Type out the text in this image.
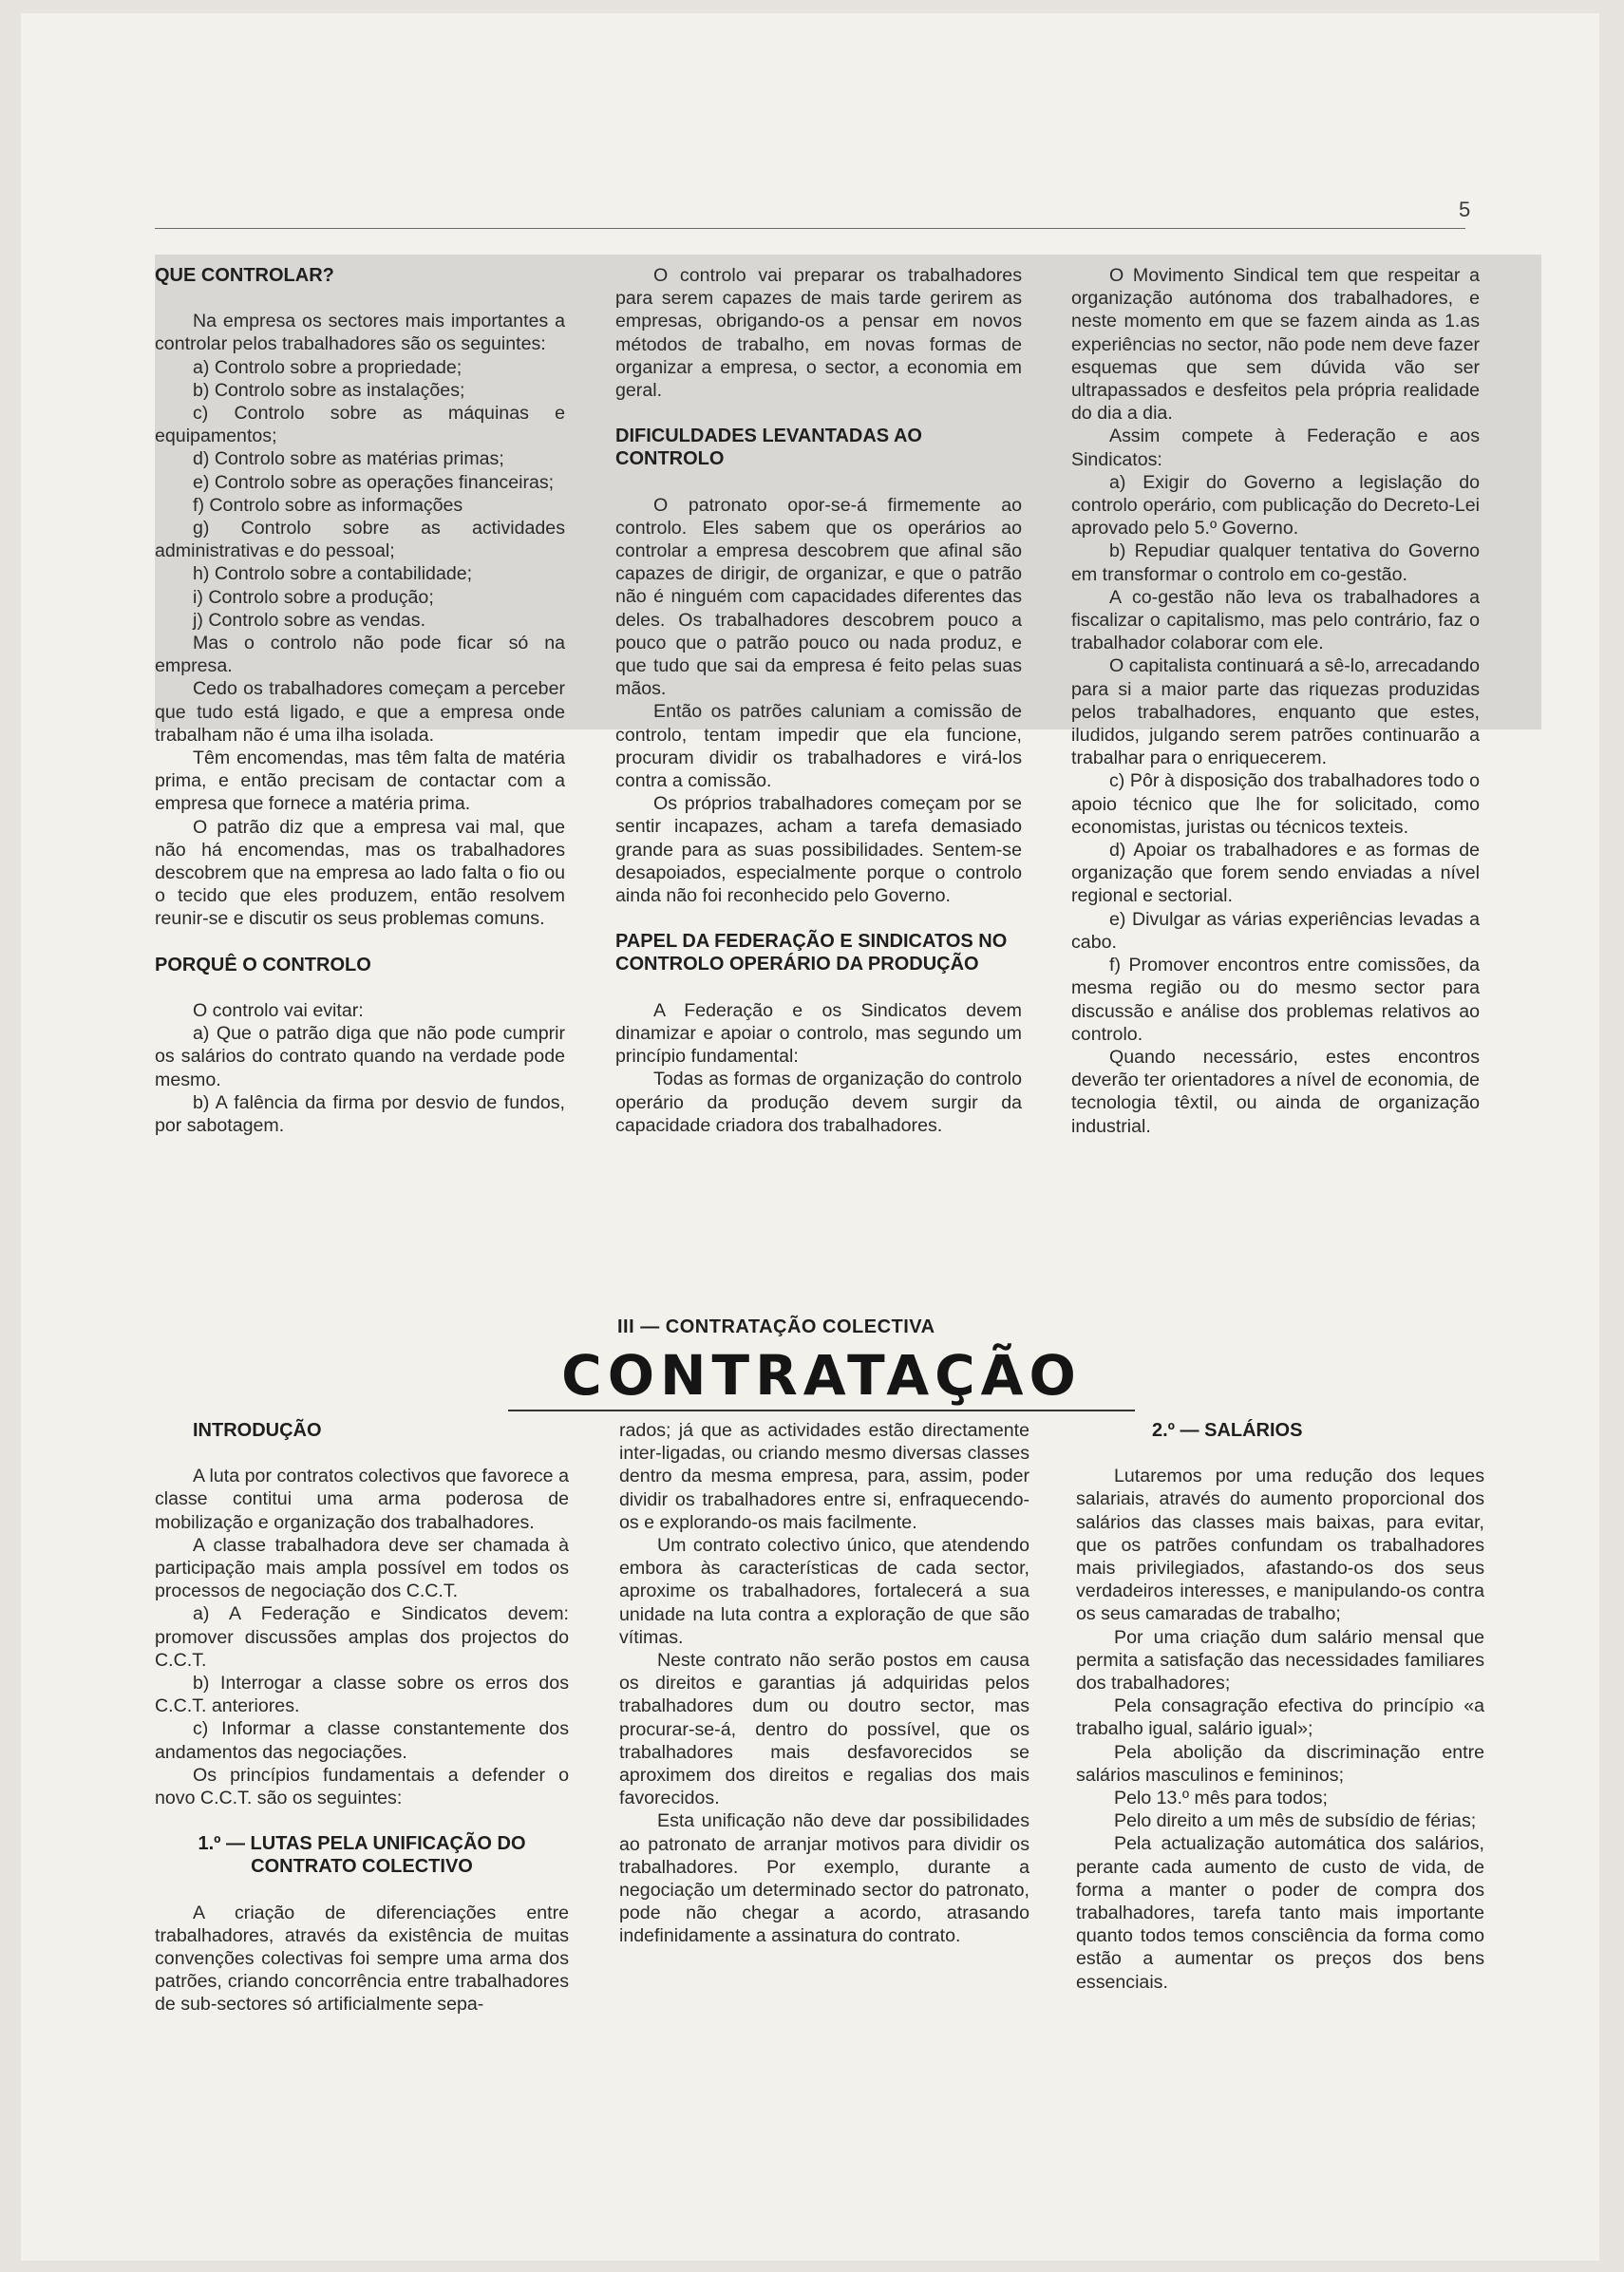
5
QUE CONTROLAR?

Na empresa os sectores mais importantes a controlar pelos trabalhadores são os seguintes:

a) Controlo sobre a propriedade;

b) Controlo sobre as instalações;

c) Controlo sobre as máquinas e equipamentos;

d) Controlo sobre as matérias primas;

e) Controlo sobre as operações financeiras;

f) Controlo sobre as informações

g) Controlo sobre as actividades administrativas e do pessoal;

h) Controlo sobre a contabilidade;

i) Controlo sobre a produção;

j) Controlo sobre as vendas.

Mas o controlo não pode ficar só na empresa.

Cedo os trabalhadores começam a perceber que tudo está ligado, e que a empresa onde trabalham não é uma ilha isolada.

Têm encomendas, mas têm falta de matéria prima, e então precisam de contactar com a empresa que fornece a matéria prima.

O patrão diz que a empresa vai mal, que não há encomendas, mas os trabalhadores descobrem que na empresa ao lado falta o fio ou o tecido que eles produzem, então resolvem reunir-se e discutir os seus problemas comuns.

PORQUÊ O CONTROLO

O controlo vai evitar:

a) Que o patrão diga que não pode cumprir os salários do contrato quando na verdade pode mesmo.

b) A falência da firma por desvio de fundos, por sabotagem.

O controlo vai preparar os trabalhadores para serem capazes de mais tarde gerirem as empresas, obrigando-os a pensar em novos métodos de trabalho, em novas formas de organizar a empresa, o sector, a economia em geral.

DIFICULDADES LEVANTADAS AO CONTROLO

O patronato opor-se-á firmemente ao controlo. Eles sabem que os operários ao controlar a empresa descobrem que afinal são capazes de dirigir, de organizar, e que o patrão não é ninguém com capacidades diferentes das deles. Os trabalhadores descobrem pouco a pouco que o patrão pouco ou nada produz, e que tudo que sai da empresa é feito pelas suas mãos.

Então os patrões caluniam a comissão de controlo, tentam impedir que ela funcione, procuram dividir os trabalhadores e virá-los contra a comissão.

Os próprios trabalhadores começam por se sentir incapazes, acham a tarefa demasiado grande para as suas possibilidades. Sentem-se desapoiados, especialmente porque o controlo ainda não foi reconhecido pelo Governo.

PAPEL DA FEDERAÇÃO E SINDICATOS NO CONTROLO OPERÁRIO DA PRODUÇÃO

A Federação e os Sindicatos devem dinamizar e apoiar o controlo, mas segundo um princípio fundamental:

Todas as formas de organização do controlo operário da produção devem surgir da capacidade criadora dos trabalhadores.

O Movimento Sindical tem que respeitar a organização autónoma dos trabalhadores, e neste momento em que se fazem ainda as 1.as experiências no sector, não pode nem deve fazer esquemas que sem dúvida vão ser ultrapassados e desfeitos pela própria realidade do dia a dia.

Assim compete à Federação e aos Sindicatos:

a) Exigir do Governo a legislação do controlo operário, com publicação do Decreto-Lei aprovado pelo 5.º Governo.

b) Repudiar qualquer tentativa do Governo em transformar o controlo em co-gestão.

A co-gestão não leva os trabalhadores a fiscalizar o capitalismo, mas pelo contrário, faz o trabalhador colaborar com ele.

O capitalista continuará a sê-lo, arrecadando para si a maior parte das riquezas produzidas pelos trabalhadores, enquanto que estes, iludidos, julgando serem patrões continuarão a trabalhar para o enriquecerem.

c) Pôr à disposição dos trabalhadores todo o apoio técnico que lhe for solicitado, como economistas, juristas ou técnicos texteis.

d) Apoiar os trabalhadores e as formas de organização que forem sendo enviadas a nível regional e sectorial.

e) Divulgar as várias experiências levadas a cabo.

f) Promover encontros entre comissões, da mesma região ou do mesmo sector para discussão e análise dos problemas relativos ao controlo.

Quando necessário, estes encontros deverão ter orientadores a nível de economia, de tecnologia têxtil, ou ainda de organização industrial.

III — CONTRATAÇÃO COLECTIVA
CONTRATAÇÃO
INTRODUÇÃO

A luta por contratos colectivos que favorece a classe contitui uma arma poderosa de mobilização e organização dos trabalhadores.

A classe trabalhadora deve ser chamada à participação mais ampla possível em todos os processos de negociação dos C.C.T.

a) A Federação e Sindicatos devem: promover discussões amplas dos projectos do C.C.T.

b) Interrogar a classe sobre os erros dos C.C.T. anteriores.

c) Informar a classe constantemente dos andamentos das negociações.

Os princípios fundamentais a defender o novo C.C.T. são os seguintes:

1.º — LUTAS PELA UNIFICAÇÃO DO CONTRATO COLECTIVO

A criação de diferenciações entre trabalhadores, através da existência de muitas convenções colectivas foi sempre uma arma dos patrões, criando concorrência entre trabalhadores de sub-sectores só artificialmente sepa-

rados; já que as actividades estão directamente inter-ligadas, ou criando mesmo diversas classes dentro da mesma empresa, para, assim, poder dividir os trabalhadores entre si, enfraquecendo-os e explorando-os mais facilmente.

Um contrato colectivo único, que atendendo embora às características de cada sector, aproxime os trabalhadores, fortalecerá a sua unidade na luta contra a exploração de que são vítimas.

Neste contrato não serão postos em causa os direitos e garantias já adquiridas pelos trabalhadores dum ou doutro sector, mas procurar-se-á, dentro do possível, que os trabalhadores mais desfavorecidos se aproximem dos direitos e regalias dos mais favorecidos.

Esta unificação não deve dar possibilidades ao patronato de arranjar motivos para dividir os trabalhadores. Por exemplo, durante a negociação um determinado sector do patronato, pode não chegar a acordo, atrasando indefinidamente a assinatura do contrato.

2.º — SALÁRIOS

Lutaremos por uma redução dos leques salariais, através do aumento proporcional dos salários das classes mais baixas, para evitar, que os patrões confundam os trabalhadores mais privilegiados, afastando-os dos seus verdadeiros interesses, e manipulando-os contra os seus camaradas de trabalho;

Por uma criação dum salário mensal que permita a satisfação das necessidades familiares dos trabalhadores;

Pela consagração efectiva do princípio «a trabalho igual, salário igual»;

Pela abolição da discriminação entre salários masculinos e femininos;

Pelo 13.º mês para todos;

Pelo direito a um mês de subsídio de férias;

Pela actualização automática dos salários, perante cada aumento de custo de vida, de forma a manter o poder de compra dos trabalhadores, tarefa tanto mais importante quanto todos temos consciência da forma como estão a aumentar os preços dos bens essenciais.
